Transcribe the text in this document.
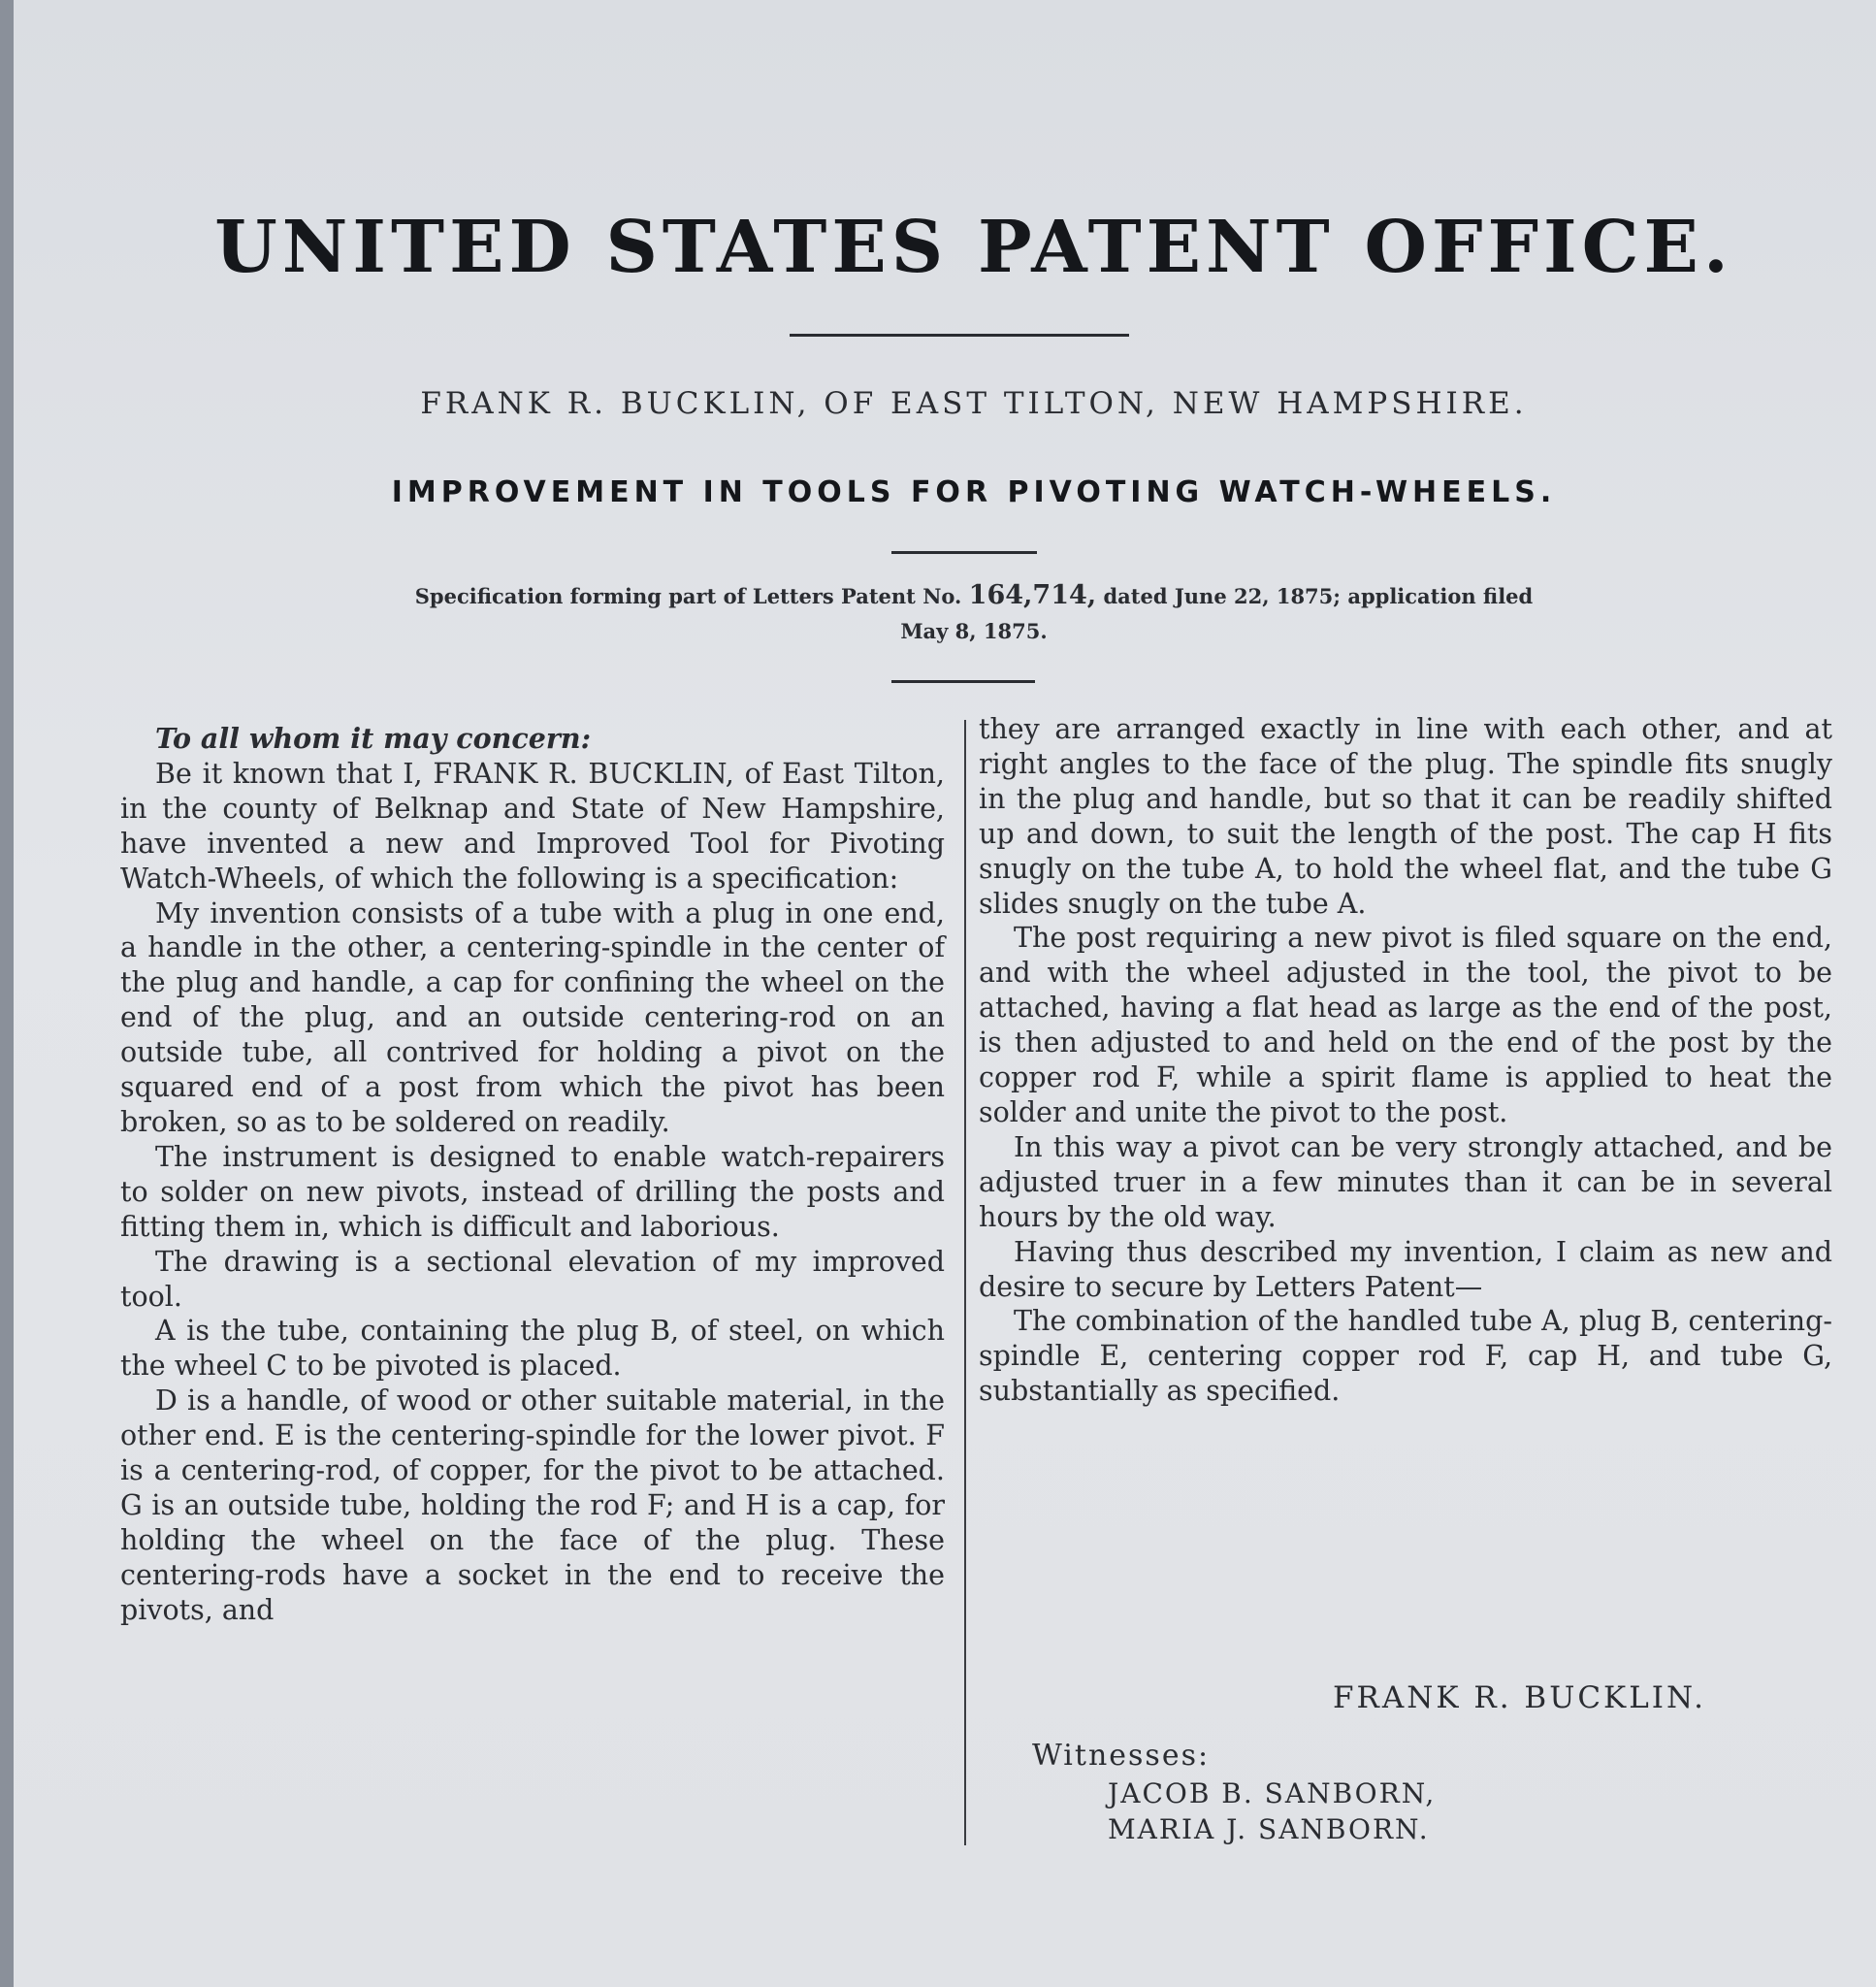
UNITED STATES PATENT OFFICE.
FRANK R. BUCKLIN, OF EAST TILTON, NEW HAMPSHIRE.
IMPROVEMENT IN TOOLS FOR PIVOTING WATCH-WHEELS.
Specification forming part of Letters Patent No. 164,714, dated June 22, 1875; application filed
May 8, 1875.

To all whom it may concern:

Be it known that I, FRANK R. BUCKLIN, of East Tilton, in the county of Belknap and State of New Hampshire, have invented a new and Improved Tool for Pivoting Watch-Wheels, of which the following is a specification:

My invention consists of a tube with a plug in one end, a handle in the other, a centering-spindle in the center of the plug and handle, a cap for confining the wheel on the end of the plug, and an outside centering-rod on an outside tube, all contrived for holding a pivot on the squared end of a post from which the pivot has been broken, so as to be soldered on readily.

The instrument is designed to enable watch-repairers to solder on new pivots, instead of drilling the posts and fitting them in, which is difficult and laborious.

The drawing is a sectional elevation of my improved tool.

A is the tube, containing the plug B, of steel, on which the wheel C to be pivoted is placed.

D is a handle, of wood or other suitable material, in the other end. E is the centering-spindle for the lower pivot. F is a centering-rod, of copper, for the pivot to be attached. G is an outside tube, holding the rod F; and H is a cap, for holding the wheel on the face of the plug. These centering-rods have a socket in the end to receive the pivots, and

they are arranged exactly in line with each other, and at right angles to the face of the plug. The spindle fits snugly in the plug and handle, but so that it can be readily shifted up and down, to suit the length of the post. The cap H fits snugly on the tube A, to hold the wheel flat, and the tube G slides snugly on the tube A.

The post requiring a new pivot is filed square on the end, and with the wheel adjusted in the tool, the pivot to be attached, having a flat head as large as the end of the post, is then adjusted to and held on the end of the post by the copper rod F, while a spirit flame is applied to heat the solder and unite the pivot to the post.

In this way a pivot can be very strongly attached, and be adjusted truer in a few minutes than it can be in several hours by the old way.

Having thus described my invention, I claim as new and desire to secure by Letters Patent—

The combination of the handled tube A, plug B, centering-spindle E, centering copper rod F, cap H, and tube G, substantially as specified.

FRANK R. BUCKLIN.
Witnesses:
JACOB B. SANBORN,
MARIA J. SANBORN.
